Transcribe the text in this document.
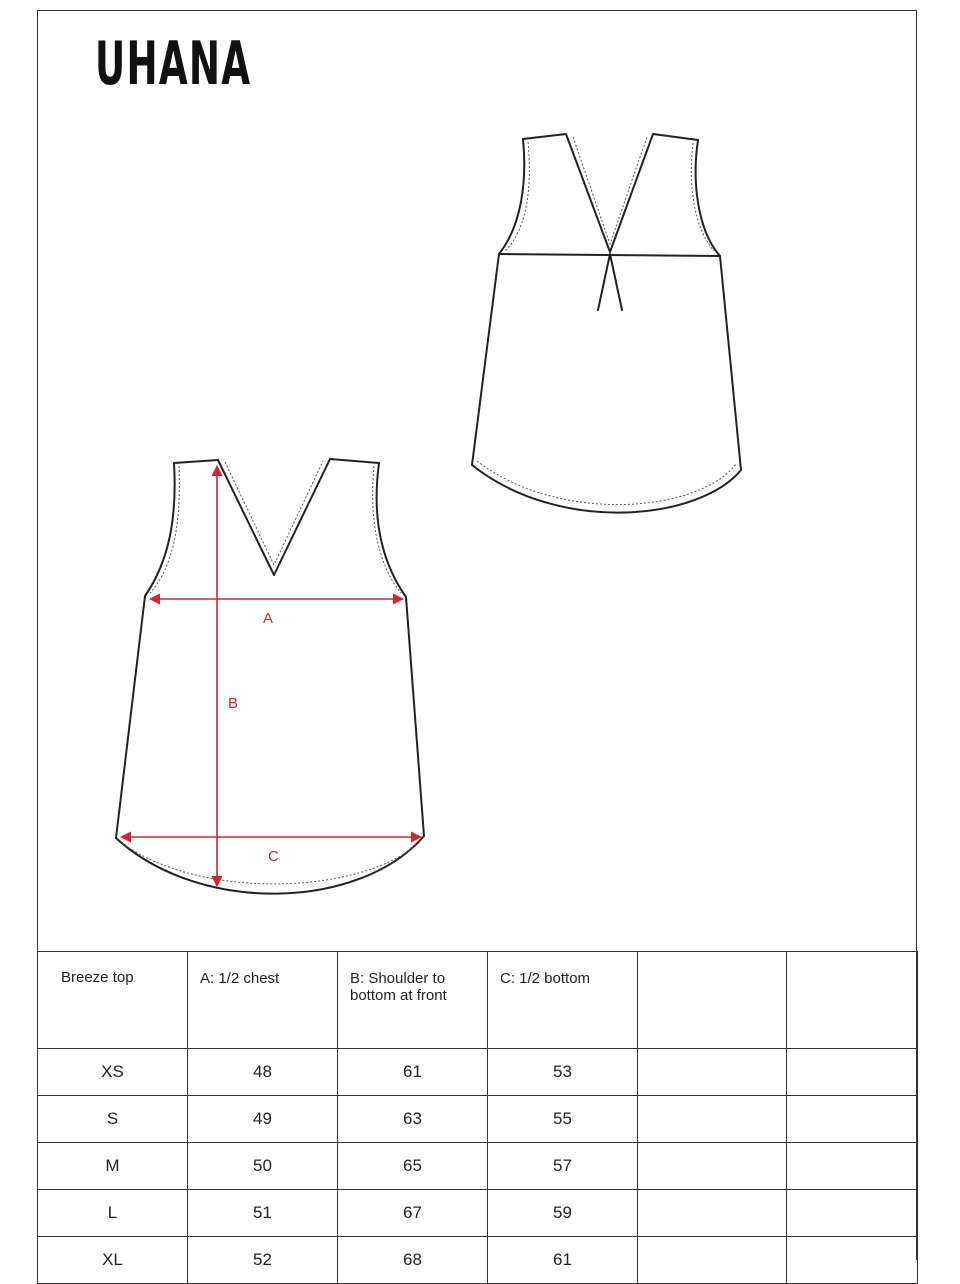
UHANA
A
B
C
Breeze top	A: 1/2 chest	B: Shoulder to bottom at front	C: 1/2 bottom		
XS	48	61	53		
S	49	63	55		
M	50	65	57		
L	51	67	59		
XL	52	68	61		
